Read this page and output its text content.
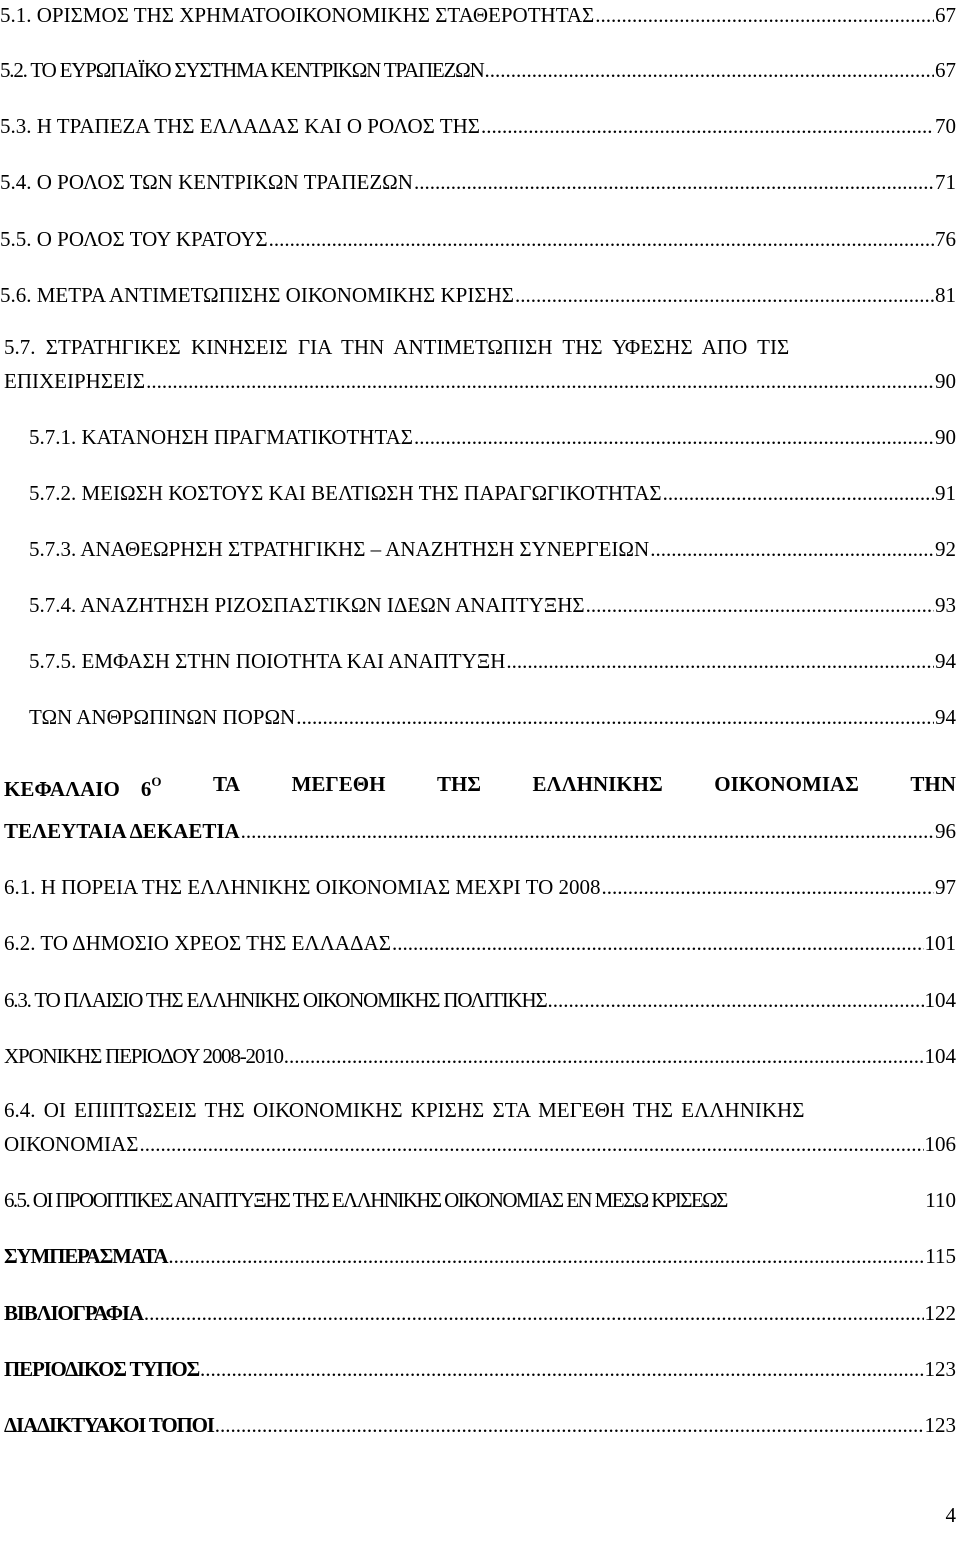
5.1. ΟΡΙΣΜΟΣ ΤΗΣ ΧΡΗΜΑΤΟΟΙΚΟΝΟΜΙΚΗΣ ΣΤΑΘΕΡΟΤΗΤΑΣ .....	67
5.2. ΤΟ ΕΥΡΩΠΑΪΚΟ ΣΥΣΤΗΜΑ ΚΕΝΤΡΙΚΩΝ ΤΡΑΠΕΖΩΝ .....	67
5.3. Η ΤΡΑΠΕΖΑ ΤΗΣ ΕΛΛΑΔΑΣ ΚΑΙ Ο ΡΟΛΟΣ ΤΗΣ .....	70
5.4. Ο ΡΟΛΟΣ ΤΩΝ ΚΕΝΤΡΙΚΩΝ ΤΡΑΠΕΖΩΝ .....	71
5.5. Ο ΡΟΛΟΣ ΤΟΥ ΚΡΑΤΟΥΣ .....	76
5.6. ΜΕΤΡΑ ΑΝΤΙΜΕΤΩΠΙΣΗΣ ΟΙΚΟΝΟΜΙΚΗΣ ΚΡΙΣΗΣ .....	81
5.7. ΣΤΡΑΤΗΓΙΚΕΣ ΚΙΝΗΣΕΙΣ ΓΙΑ ΤΗΝ ΑΝΤΙΜΕΤΩΠΙΣΗ ΤΗΣ ΥΦΕΣΗΣ ΑΠΟ ΤΙΣ
ΕΠΙΧΕΙΡΗΣΕΙΣ .....	90
5.7.1. ΚΑΤΑΝΟΗΣΗ ΠΡΑΓΜΑΤΙΚΟΤΗΤΑΣ .....	90
5.7.2. ΜΕΙΩΣΗ ΚΟΣΤΟΥΣ ΚΑΙ ΒΕΛΤΙΩΣΗ ΤΗΣ ΠΑΡΑΓΩΓΙΚΟΤΗΤΑΣ .....	91
5.7.3. ΑΝΑΘΕΩΡΗΣΗ ΣΤΡΑΤΗΓΙΚΗΣ – ΑΝΑΖΗΤΗΣΗ ΣΥΝΕΡΓΕΙΩΝ .....	92
5.7.4. ΑΝΑΖΗΤΗΣΗ ΡΙΖΟΣΠΑΣΤΙΚΩΝ ΙΔΕΩΝ ΑΝΑΠΤΥΞΗΣ .....	93
5.7.5. ΕΜΦΑΣΗ ΣΤΗΝ ΠΟΙΟΤΗΤΑ ΚΑΙ ΑΝΑΠΤΥΞΗ .....	94
ΤΩΝ ΑΝΘΡΩΠΙΝΩΝ ΠΟΡΩΝ .....	94
ΚΕΦΑΛΑΙΟ $6^O$ ΤΑ ΜΕΓΕΘΗ ΤΗΣ ΕΛΛΗΝΙΚΗΣ ΟΙΚΟΝΟΜΙΑΣ ΤΗΝ
ΤΕΛΕΥΤΑΙΑ ΔΕΚΑΕΤΙΑ .....	96
6.1. Η ΠΟΡΕΙΑ ΤΗΣ ΕΛΛΗΝΙΚΗΣ ΟΙΚΟΝΟΜΙΑΣ ΜΕΧΡΙ ΤΟ 2008 .....	97
6.2. ΤΟ ΔΗΜΟΣΙΟ ΧΡΕΟΣ ΤΗΣ ΕΛΛΑΔΑΣ .....	101
6.3. ΤΟ ΠΛΑΙΣΙΟ ΤΗΣ ΕΛΛΗΝΙΚΗΣ ΟΙΚΟΝΟΜΙΚΗΣ ΠΟΛΙΤΙΚΗΣ .....	104
ΧΡΟΝΙΚΗΣ ΠΕΡΙΟΔΟΥ 2008-2010 .....	104
6.4. ΟΙ ΕΠΙΠΤΩΣΕΙΣ ΤΗΣ ΟΙΚΟΝΟΜΙΚΗΣ ΚΡΙΣΗΣ ΣΤΑ ΜΕΓΕΘΗ ΤΗΣ ΕΛΛΗΝΙΚΗΣ
ΟΙΚΟΝΟΜΙΑΣ .....	106
6.5. ΟΙ ΠΡΟΟΠΤΙΚΕΣ ΑΝΑΠΤΥΞΗΣ ΤΗΣ ΕΛΛΗΝΙΚΗΣ ΟΙΚΟΝΟΜΙΑΣ ΕΝ ΜΕΣΩ ΚΡΙΣΕΩΣ	110
ΣΥΜΠΕΡΑΣΜΑΤΑ .....	115
ΒΙΒΛΙΟΓΡΑΦΙΑ .....	122
ΠΕΡΙΟΔΙΚΟΣ ΤΥΠΟΣ .....	123
ΔΙΑΔΙΚΤΥΑΚΟΙ ΤΟΠΟΙ .....	123
4
